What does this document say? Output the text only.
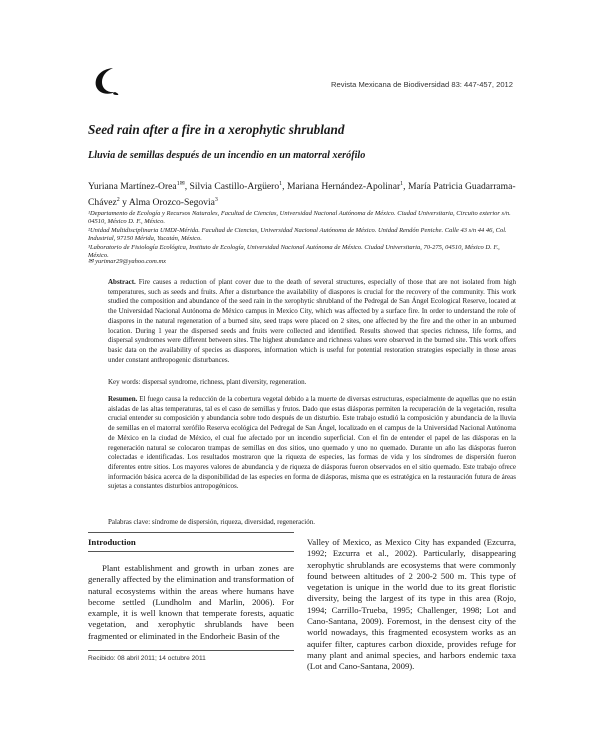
Revista Mexicana de Biodiversidad 83: 447-457, 2012
Seed rain after a fire in a xerophytic shrubland
Lluvia de semillas después de un incendio en un matorral xerófilo
Yuriana Martínez-Orea$^{1✉}$, Silvia Castillo-Argüero$^1$, Mariana Hernández-Apolinar$^1$, María Patricia Guadarrama-
Chávez$^2$ y Alma Orozco-Segovia$^3$

¹Departamento de Ecología y Recursos Naturales, Facultad de Ciencias, Universidad Nacional Autónoma de México. Ciudad Universitaria, Circuito exterior s/n. 04510, México D. F., México.

²Unidad Multidisciplinaria UMDI-Mérida. Facultad de Ciencias, Universidad Nacional Autónoma de México. Unidad Rendón Peniche. Calle 43 s/n 44 46, Col. Industrial, 97150 Mérida, Yucatán, México.

³Laboratorio de Fisiología Ecológica, Instituto de Ecología, Universidad Nacional Autónoma de México. Ciudad Universitaria, 70-275, 04510, México D. F., México.

✉ yurimar29@yahoo.com.mx
Abstract. Fire causes a reduction of plant cover due to the death of several structures, especially of those that are not isolated from high temperatures, such as seeds and fruits. After a disturbance the availability of diaspores is crucial for the recovery of the community. This work studied the composition and abundance of the seed rain in the xerophytic shrubland of the Pedregal de San Ángel Ecological Reserve, located at the Universidad Nacional Autónoma de México campus in Mexico City, which was affected by a surface fire. In order to understand the role of diaspores in the natural regeneration of a burned site, seed traps were placed on 2 sites, one affected by the fire and the other in an unburned location. During 1 year the dispersed seeds and fruits were collected and identified. Results showed that species richness, life forms, and dispersal syndromes were different between sites. The highest abundance and richness values were observed in the burned site. This work offers basic data on the availability of species as diaspores, information which is useful for potential restoration strategies especially in those areas under constant anthropogenic disturbances.
Key words: dispersal syndrome, richness, plant diversity, regeneration.
Resumen. El fuego causa la reducción de la cobertura vegetal debido a la muerte de diversas estructuras, especialmente de aquellas que no están aisladas de las altas temperaturas, tal es el caso de semillas y frutos. Dado que estas diásporas permiten la recuperación de la vegetación, resulta crucial entender su composición y abundancia sobre todo después de un disturbio. Este trabajo estudió la composición y abundancia de la lluvia de semillas en el matorral xerófilo Reserva ecológica del Pedregal de San Ángel, localizado en el campus de la Universidad Nacional Autónoma de México en la ciudad de México, el cual fue afectado por un incendio superficial. Con el fin de entender el papel de las diásporas en la regeneración natural se colocaron trampas de semillas en dos sitios, uno quemado y uno no quemado. Durante un año las diásporas fueron colectadas e identificadas. Los resultados mostraron que la riqueza de especies, las formas de vida y los síndromes de dispersión fueron diferentes entre sitios. Los mayores valores de abundancia y de riqueza de diásporas fueron observados en el sitio quemado. Este trabajo ofrece información básica acerca de la disponibilidad de las especies en forma de diásporas, misma que es estratégica en la restauración futura de áreas sujetas a constantes disturbios antropogénicos.
Palabras clave: síndrome de dispersión, riqueza, diversidad, regeneración.
Introduction

Plant establishment and growth in urban zones are generally affected by the elimination and transformation of natural ecosystems within the areas where humans have become settled (Lundholm and Marlin, 2006). For example, it is well known that temperate forests, aquatic vegetation, and xerophytic shrublands have been fragmented or eliminated in the Endorheic Basin of the

Valley of Mexico, as Mexico City has expanded (Ezcurra, 1992; Ezcurra et al., 2002). Particularly, disappearing xerophytic shrublands are ecosystems that were commonly found between altitudes of 2 200-2 500 m. This type of vegetation is unique in the world due to its great floristic diversity, being the largest of its type in this area (Rojo, 1994; Carrillo-Trueba, 1995; Challenger, 1998; Lot and Cano-Santana, 2009). Foremost, in the densest city of the world nowadays, this fragmented ecosystem works as an aquifer filter, captures carbon dioxide, provides refuge for many plant and animal species, and harbors endemic taxa (Lot and Cano-Santana, 2009).

Recibido: 08 abril 2011; 14 octubre 2011
